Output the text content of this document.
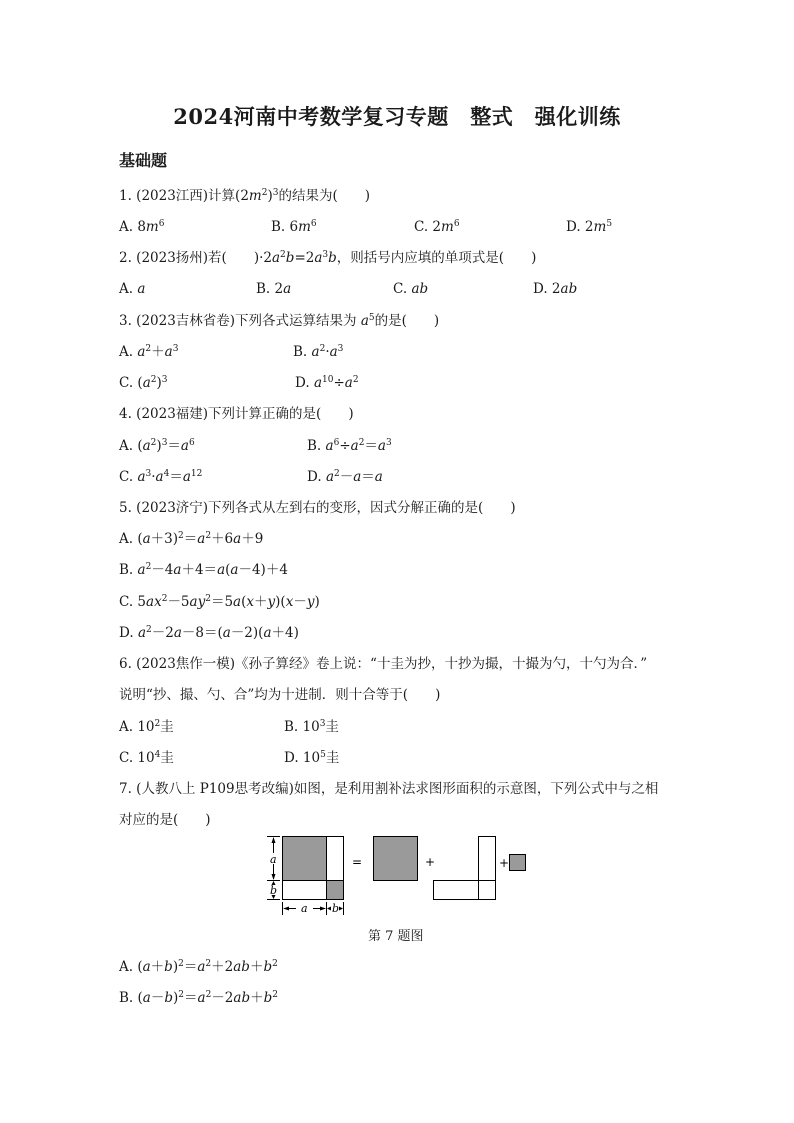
2024河南中考数学复习专题　整式　强化训练
基础题
1. (2023江西)计算$(2m^2)^3$的结果为(　　)
A. $8m^6$	B. $6m^6$	C. $2m^6$	D. $2m^5$
2. (2023扬州)若(　　)$\cdot 2a^2b=2a^3b$，则括号内应填的单项式是(　　)
A. a	B. 2a	C. ab	D. 2ab
3. (2023吉林省卷)下列各式运算结果为 $a^5$的是(　　)
A. $a^2+a^3$	B. $a^2\cdot a^3$
C. $(a^2)^3$	D. $a^{10}\div a^2$
4. (2023福建)下列计算正确的是(　　)
A. $(a^2)^3=a^6$	B. $a^6\div a^2=a^3$
C. $a^3\cdot a^4=a^{12}$	D. $a^2-a=a$
5. (2023济宁)下列各式从左到右的变形，因式分解正确的是(　　)
A. $(a+3)^2=a^2+6a+9$
B. $a^2-4a+4=a(a-4)+4$
C. $5ax^2-5ay^2=5a(x+y)(x-y)$
D. $a^2-2a-8=(a-2)(a+4)$
6. (2023焦作一模)《孙子算经》卷上说：“十圭为抄，十抄为撮，十撮为勺，十勺为合．”
说明“抄、撮、勺、合”均为十进制．则十合等于(　　)
A. $10^2$圭	B. $10^3$圭
C. $10^4$圭	D. $10^5$圭
7. (人教八上 P109思考改编)如图，是利用割补法求图形面积的示意图，下列公式中与之相
对应的是(　　)
a
b
a b
=	+	+
第 7 题图
A. $(a+b)^2=a^2+2ab+b^2$
B. $(a-b)^2=a^2-2ab+b^2$
